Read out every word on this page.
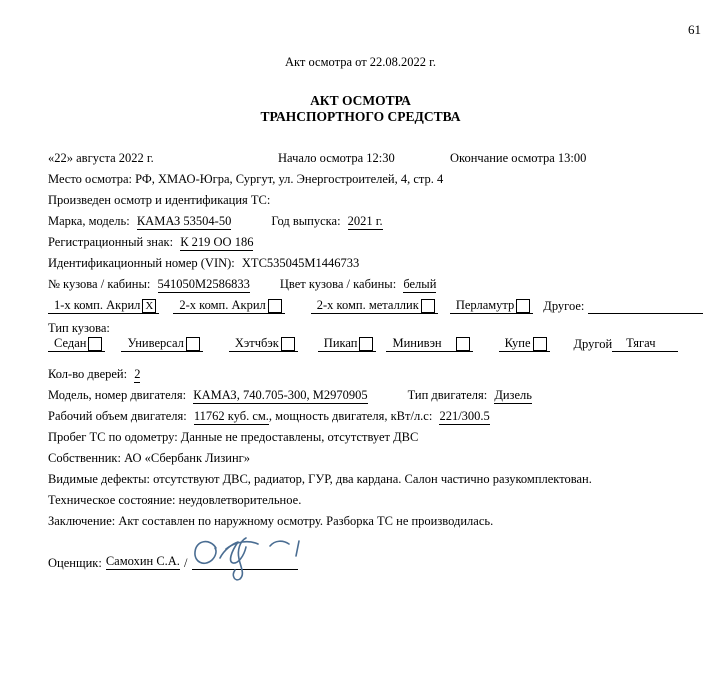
61
Акт осмотра от 22.08.2022 г.
АКТ ОСМОТРА
ТРАНСПОРТНОГО СРЕДСТВА

«22» августа 2022 г.	Начало осмотра 12:30	Окончание осмотра 13:00

Место осмотра: РФ, ХМАО-Югра, Сургут, ул. Энергостроителей, 4, стр. 4

Произведен осмотр и идентификация ТС:

Марка, модель: КАМАЗ 53504-50	Год выпуска: 2021 г.

Регистрационный знак: К 219 ОО 186

Идентификационный номер (VIN): XTC535045M1446733

№ кузова / кабины: 541050M2586833 Цвет кузова / кабины: белый

1-х комп. Акрил X 2-х комп. Акрил	2-х комп. металлик	Перламутр Другое:

Тип кузова:

Седан	Универсал	Хэтчбэк	Пикап	Минивэн	Купе	Другой	Тягач

Кол-во дверей: 2

Модель, номер двигателя: КАМАЗ, 740.705-300, М2970905	Тип двигателя: Дизель

Рабочий объем двигателя: 11762 куб. см., мощность двигателя, кВт/л.с: 221/300.5

Пробег ТС по одометру: Данные не предоставлены, отсутствует ДВС

Собственник: АО «Сбербанк Лизинг»

Видимые дефекты: отсутствуют ДВС, радиатор, ГУР, два кардана. Салон частично разукомплектован.

Техническое состояние: неудовлетворительное.

Заключение: Акт составлен по наружному осмотру. Разборка ТС не производилась.

Оценщик: Самохин С.А. /
